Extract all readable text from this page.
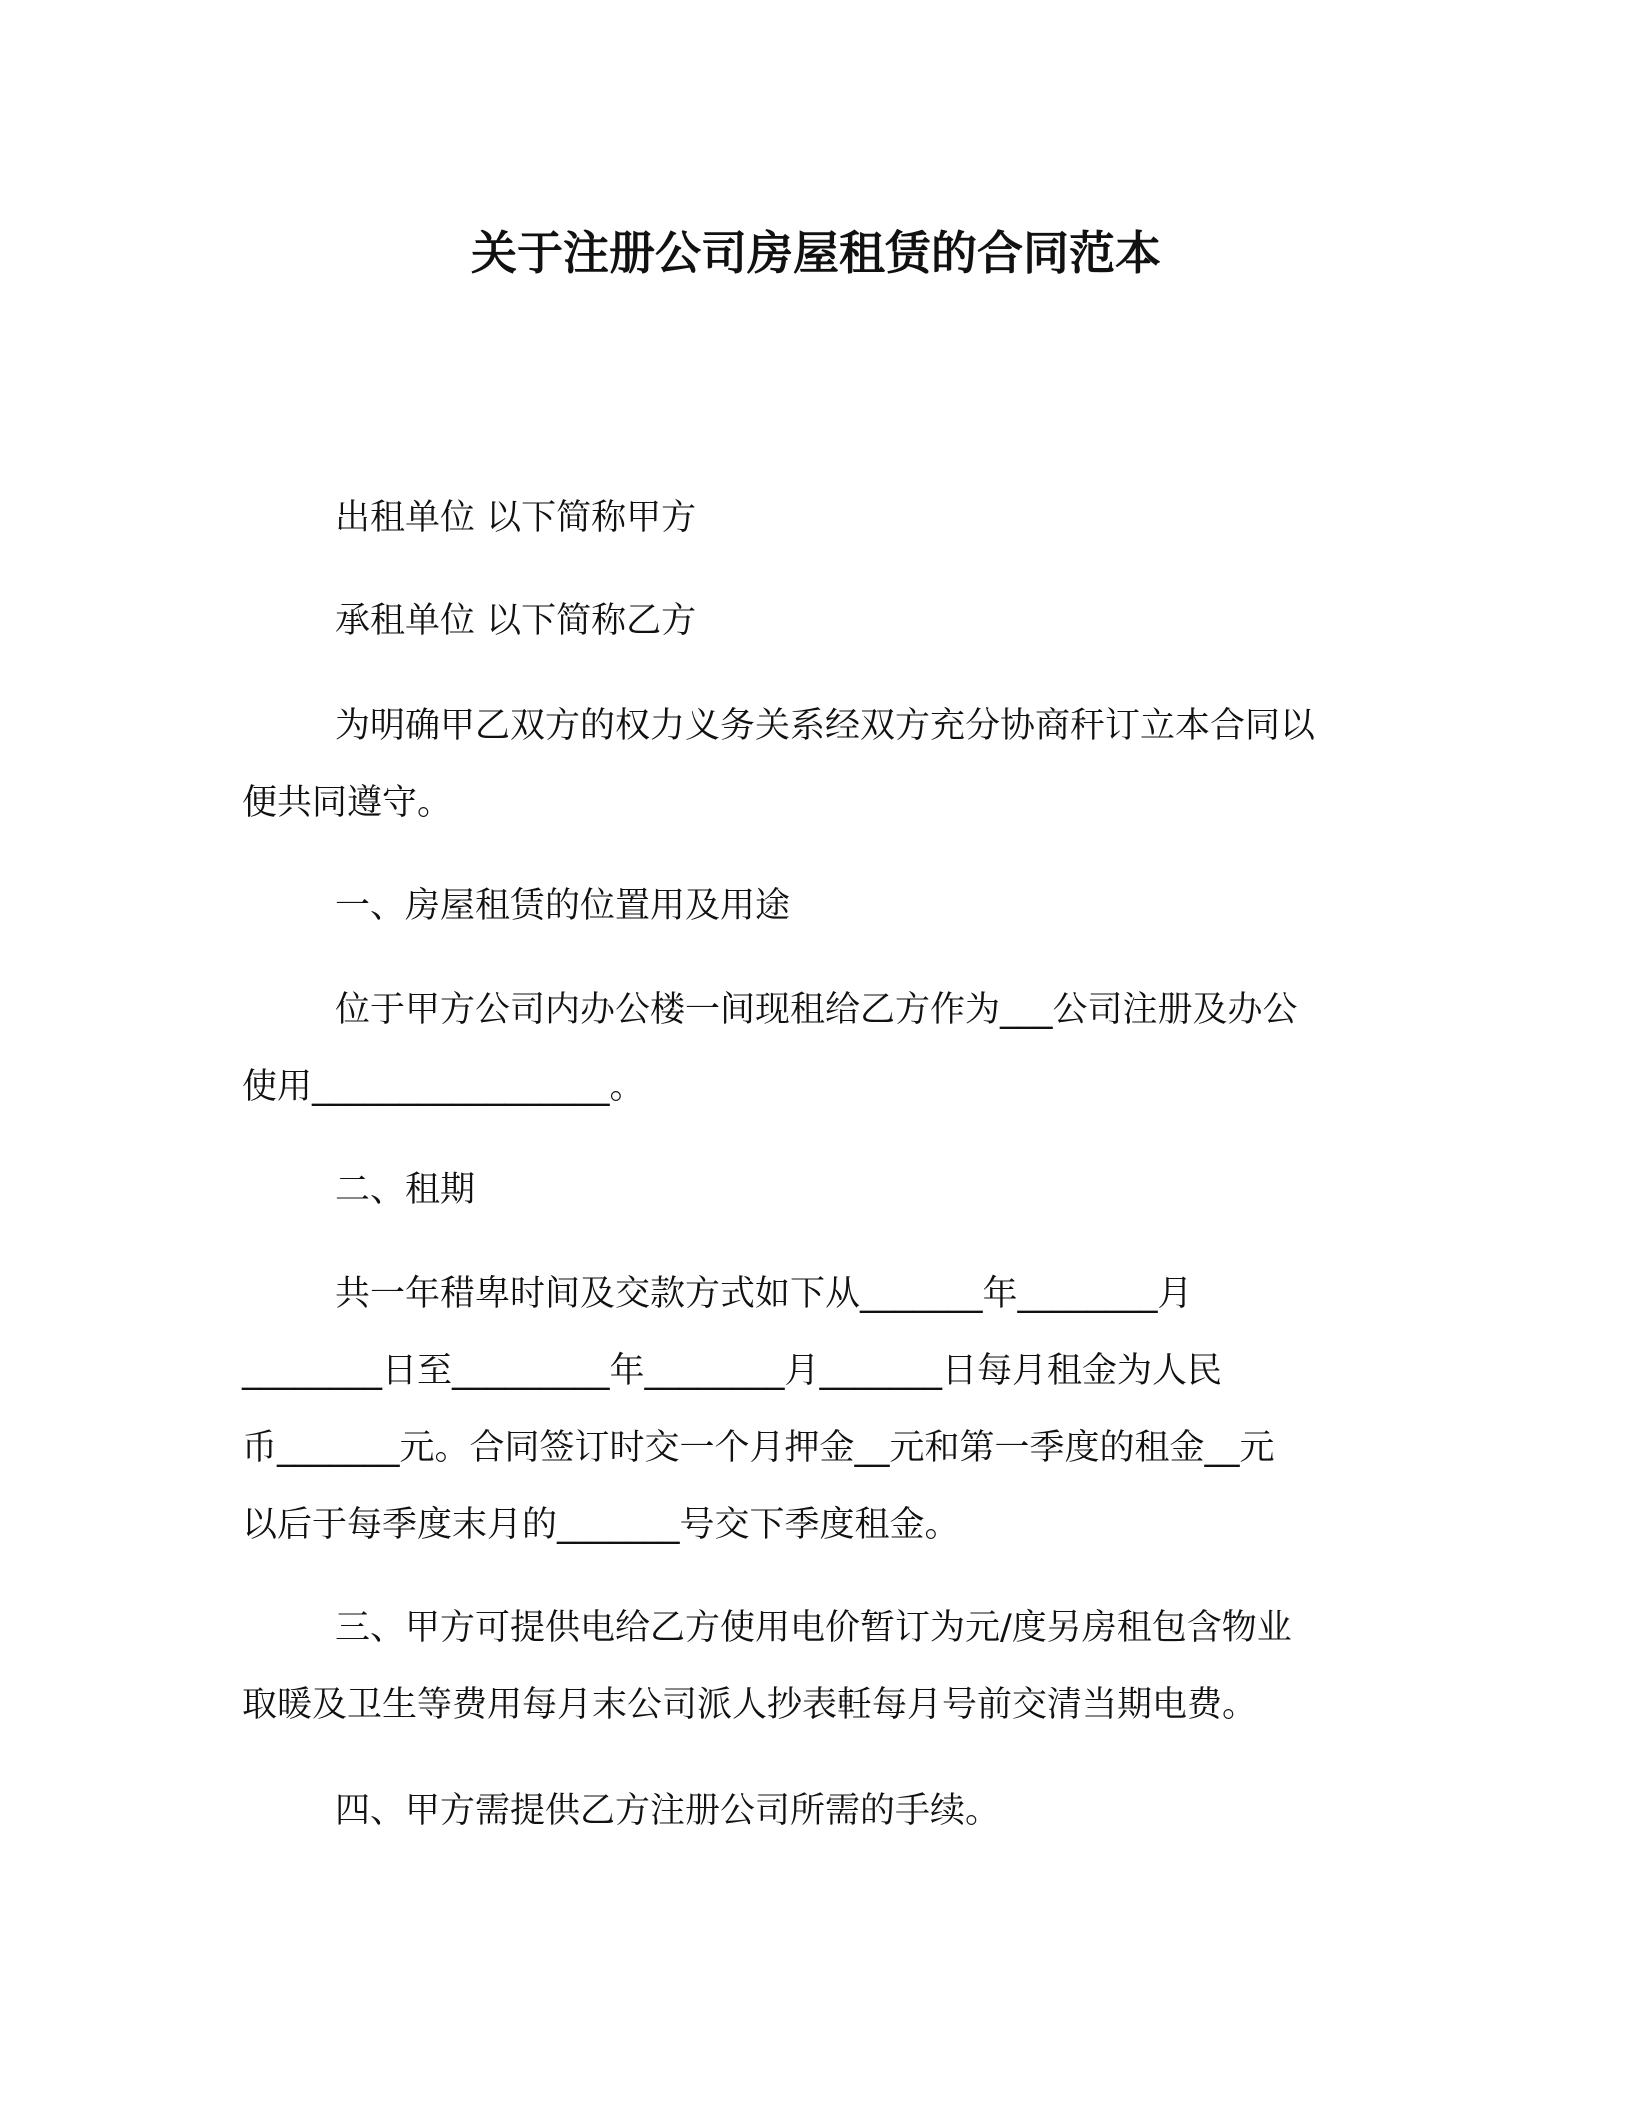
关于注册公司房屋租赁的合同范本
出租单位 以下简称甲方
承租单位 以下简称乙方
为明确甲乙双方的权力义务关系经双方充分协商秆订立本合同以
便共同遵守。
一、房屋租赁的位置用及用途
位于甲方公司内办公楼一间现租给乙方作为___公司注册及办公
使用_________________。
二、租期
共一年稓卑时间及交款方式如下从_______年________月
________日至_________年________月_______日每月租金为人民
币_______元。合同签订时交一个月押金__元和第一季度的租金__元
以后于每季度末月的_______号交下季度租金。
三、甲方可提供电给乙方使用电价暂订为元/度另房租包含物业
取暖及卫生等费用每月末公司派人抄表軠每月号前交清当期电费。
四、甲方需提供乙方注册公司所需的手续。
